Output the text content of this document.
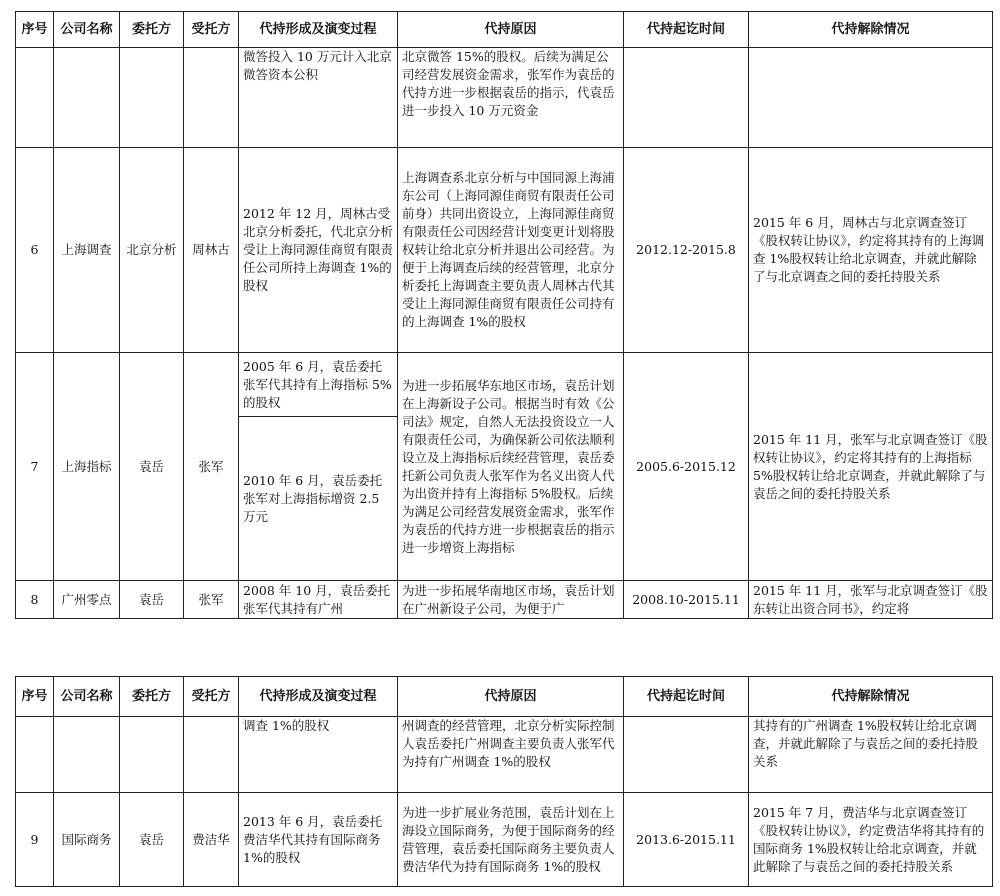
序号	公司名称	委托方	受托方	代持形成及演变过程	代持原因	代持起讫时间	代持解除情况
				微答投入 10 万元计入北京微答资本公积	北京微答 15%的股权。后续为满足公司经营发展资金需求，张军作为袁岳的代持方进一步根据袁岳的指示，代袁岳进一步投入 10 万元资金		
6	上海调查	北京分析	周林古	2012 年 12 月，周林古受北京分析委托，代北京分析受让上海同源佳商贸有限责任公司所持上海调查 1%的股权	上海调查系北京分析与中国同源上海浦东公司（上海同源佳商贸有限责任公司前身）共同出资设立，上海同源佳商贸有限责任公司因经营计划变更计划将股权转让给北京分析并退出公司经营。为便于上海调查后续的经营管理，北京分析委托上海调查主要负责人周林古代其受让上海同源佳商贸有限责任公司持有的上海调查 1%的股权	2012.12-2015.8	2015 年 6 月，周林古与北京调查签订《股权转让协议》，约定将其持有的上海调查 1%股权转让给北京调查，并就此解除了与北京调查之间的委托持股关系
7	上海指标	袁岳	张军	2005 年 6 月，袁岳委托张军代其持有上海指标 5%的股权	为进一步拓展华东地区市场，袁岳计划在上海新设子公司。根据当时有效《公司法》规定，自然人无法投资设立一人有限责任公司，为确保新公司依法顺利设立及上海指标后续经营管理，袁岳委托新公司负责人张军作为名义出资人代为出资并持有上海指标 5%股权。后续为满足公司经营发展资金需求，张军作为袁岳的代持方进一步根据袁岳的指示进一步增资上海指标	2005.6-2015.12	2015 年 11 月，张军与北京调查签订《股权转让协议》，约定将其持有的上海指标 5%股权转让给北京调查，并就此解除了与袁岳之间的委托持股关系
				2010 年 6 月，袁岳委托张军对上海指标增资 2.5 万元			
8	广州零点	袁岳	张军	2008 年 10 月，袁岳委托张军代其持有广州	为进一步拓展华南地区市场，袁岳计划在广州新设子公司，为便于广	2008.10-2015.11	2015 年 11 月，张军与北京调查签订《股东转让出资合同书》，约定将
序号	公司名称	委托方	受托方	代持形成及演变过程	代持原因	代持起讫时间	代持解除情况
				调查 1%的股权	州调查的经营管理，北京分析实际控制人袁岳委托广州调查主要负责人张军代为持有广州调查 1%的股权		其持有的广州调查 1%股权转让给北京调查，并就此解除了与袁岳之间的委托持股关系
9	国际商务	袁岳	费洁华	2013 年 6 月，袁岳委托费洁华代其持有国际商务 1%的股权	为进一步扩展业务范围，袁岳计划在上海设立国际商务，为便于国际商务的经营管理，袁岳委托国际商务主要负责人费洁华代为持有国际商务 1%的股权	2013.6-2015.11	2015 年 7 月，费洁华与北京调查签订《股权转让协议》，约定费洁华将其持有的国际商务 1%股权转让给北京调查，并就此解除了与袁岳之间的委托持股关系
